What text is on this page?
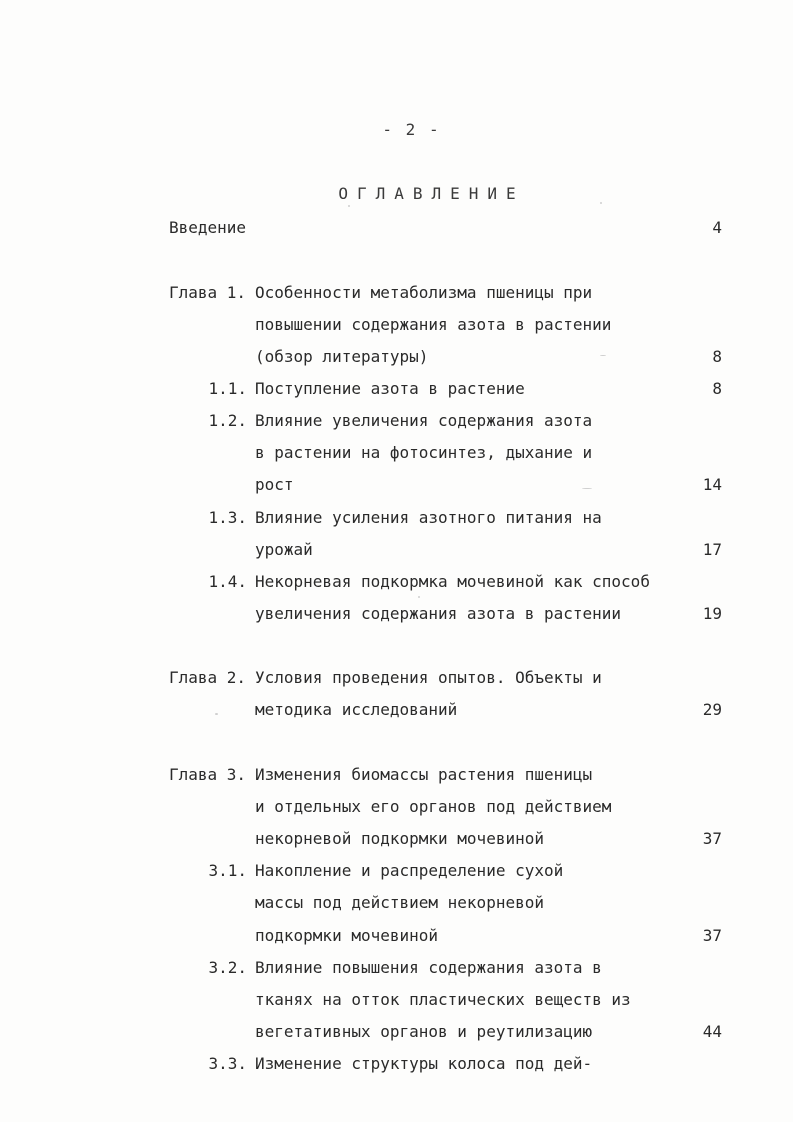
- 2 -
ОГЛАВЛЕНИЕ
Введение	4
Глава 1. Особенности метаболизма пшеницы при
повышении содержания азота в растении
(обзор литературы)	8
1.1. Поступление азота в растение	8
1.2. Влияние увеличения содержания азота
в растении на фотосинтез, дыхание и
рост	14
1.3. Влияние усиления азотного питания на
урожай	17
1.4. Некорневая подкормка мочевиной как способ
увеличения содержания азота в растении	19
Глава 2. Условия проведения опытов. Объекты и
методика исследований	29
Глава 3. Изменения биомассы растения пшеницы
и отдельных его органов под действием
некорневой подкормки мочевиной	37
3.1. Накопление и распределение сухой
массы под действием некорневой
подкормки мочевиной	37
3.2. Влияние повышения содержания азота в
тканях на отток пластических веществ из
вегетативных органов и реутилизацию	44
3.3. Изменение структуры колоса под дей-
